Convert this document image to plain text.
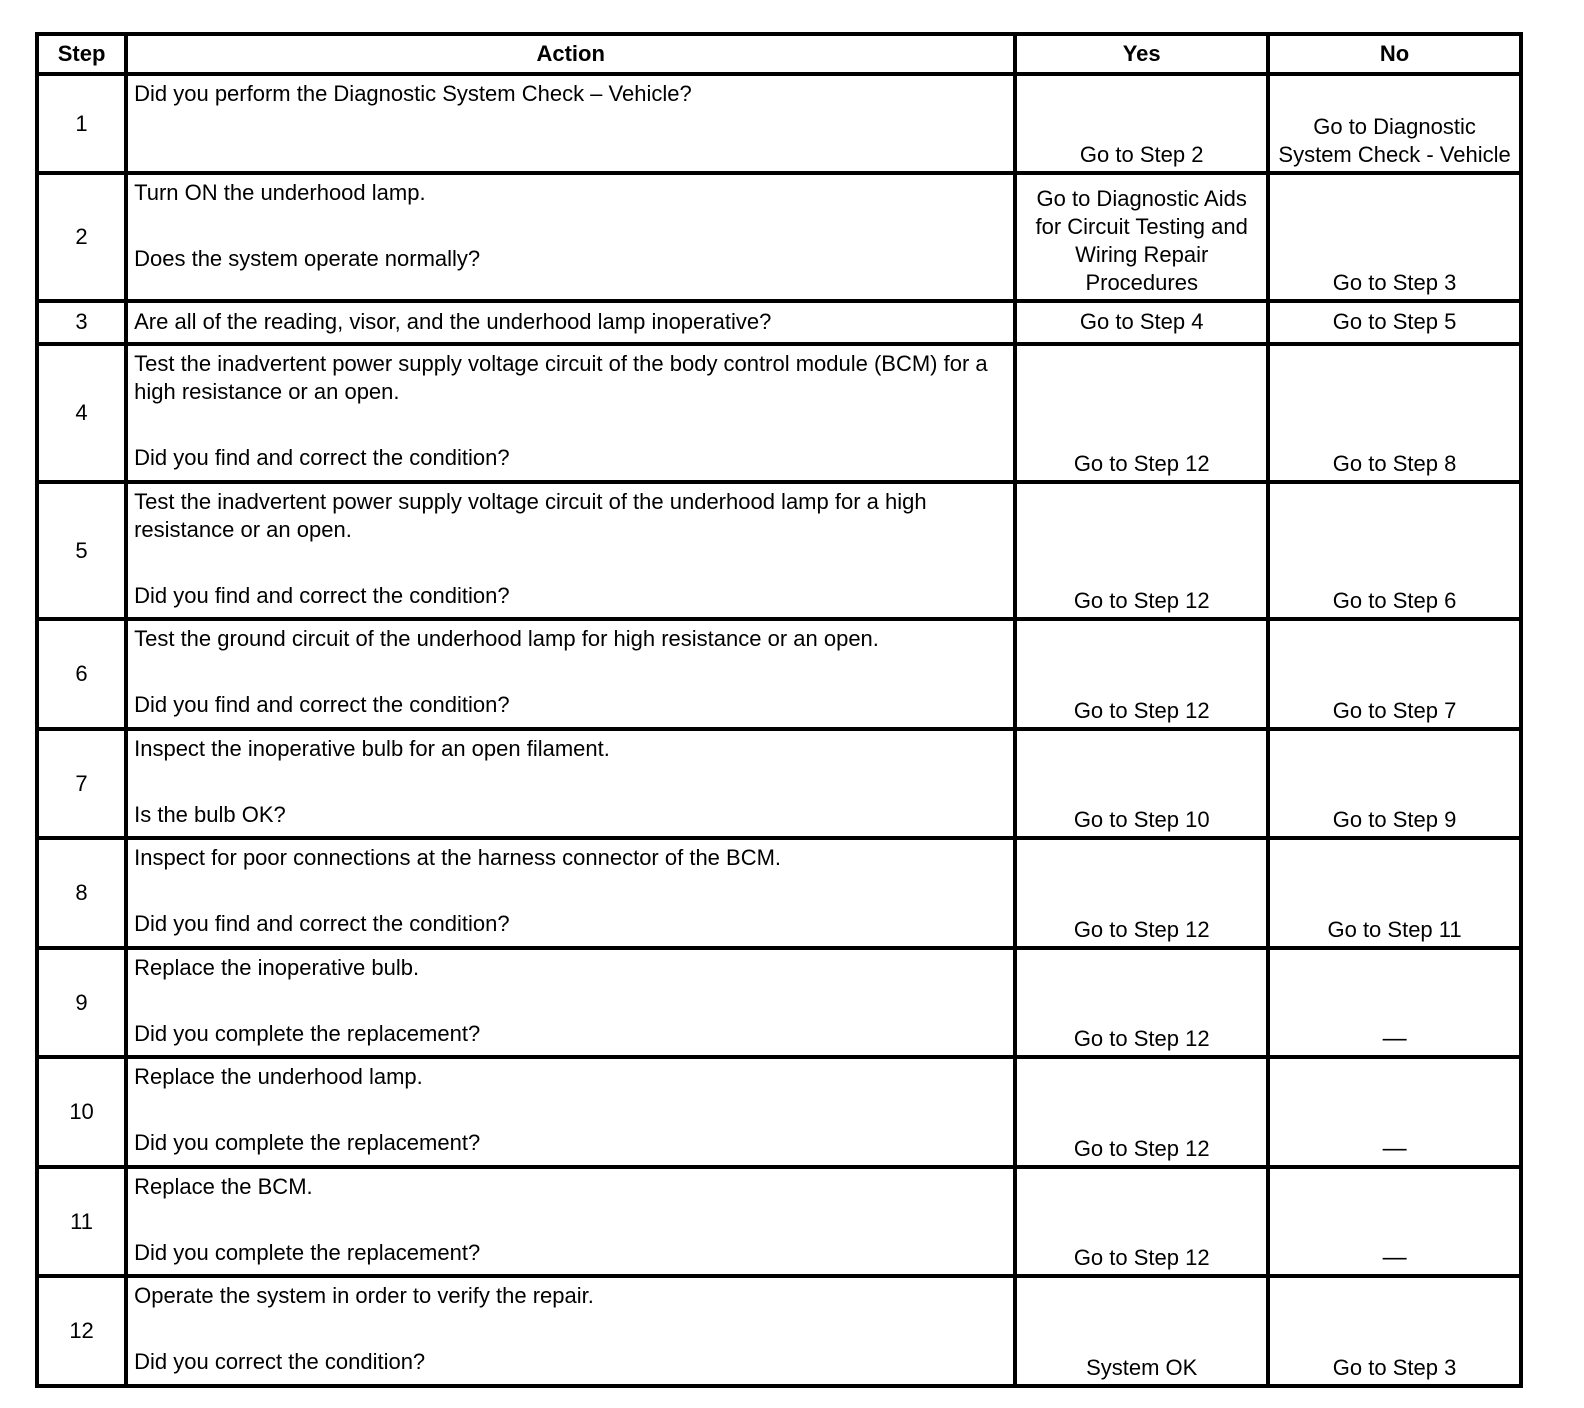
Step	Action	Yes	No
1	Did you perform the Diagnostic System Check – Vehicle?	Go to Step 2	Go to Diagnostic System Check - Vehicle
2	Turn ON the underhood lamp.
Does the system operate normally?	Go to Diagnostic Aids for Circuit Testing and Wiring Repair Procedures	Go to Step 3
3	Are all of the reading, visor, and the underhood lamp inoperative?	Go to Step 4	Go to Step 5
4	Test the inadvertent power supply voltage circuit of the body control module (BCM) for a high resistance or an open.
Did you find and correct the condition?	Go to Step 12	Go to Step 8
5	Test the inadvertent power supply voltage circuit of the underhood lamp for a high resistance or an open.
Did you find and correct the condition?	Go to Step 12	Go to Step 6
6	Test the ground circuit of the underhood lamp for high resistance or an open.
Did you find and correct the condition?	Go to Step 12	Go to Step 7
7	Inspect the inoperative bulb for an open filament.
Is the bulb OK?	Go to Step 10	Go to Step 9
8	Inspect for poor connections at the harness connector of the BCM.
Did you find and correct the condition?	Go to Step 12	Go to Step 11
9	Replace the inoperative bulb.
Did you complete the replacement?	Go to Step 12	—
10	Replace the underhood lamp.
Did you complete the replacement?	Go to Step 12	—
11	Replace the BCM.
Did you complete the replacement?	Go to Step 12	—
12	Operate the system in order to verify the repair.
Did you correct the condition?	System OK	Go to Step 3
